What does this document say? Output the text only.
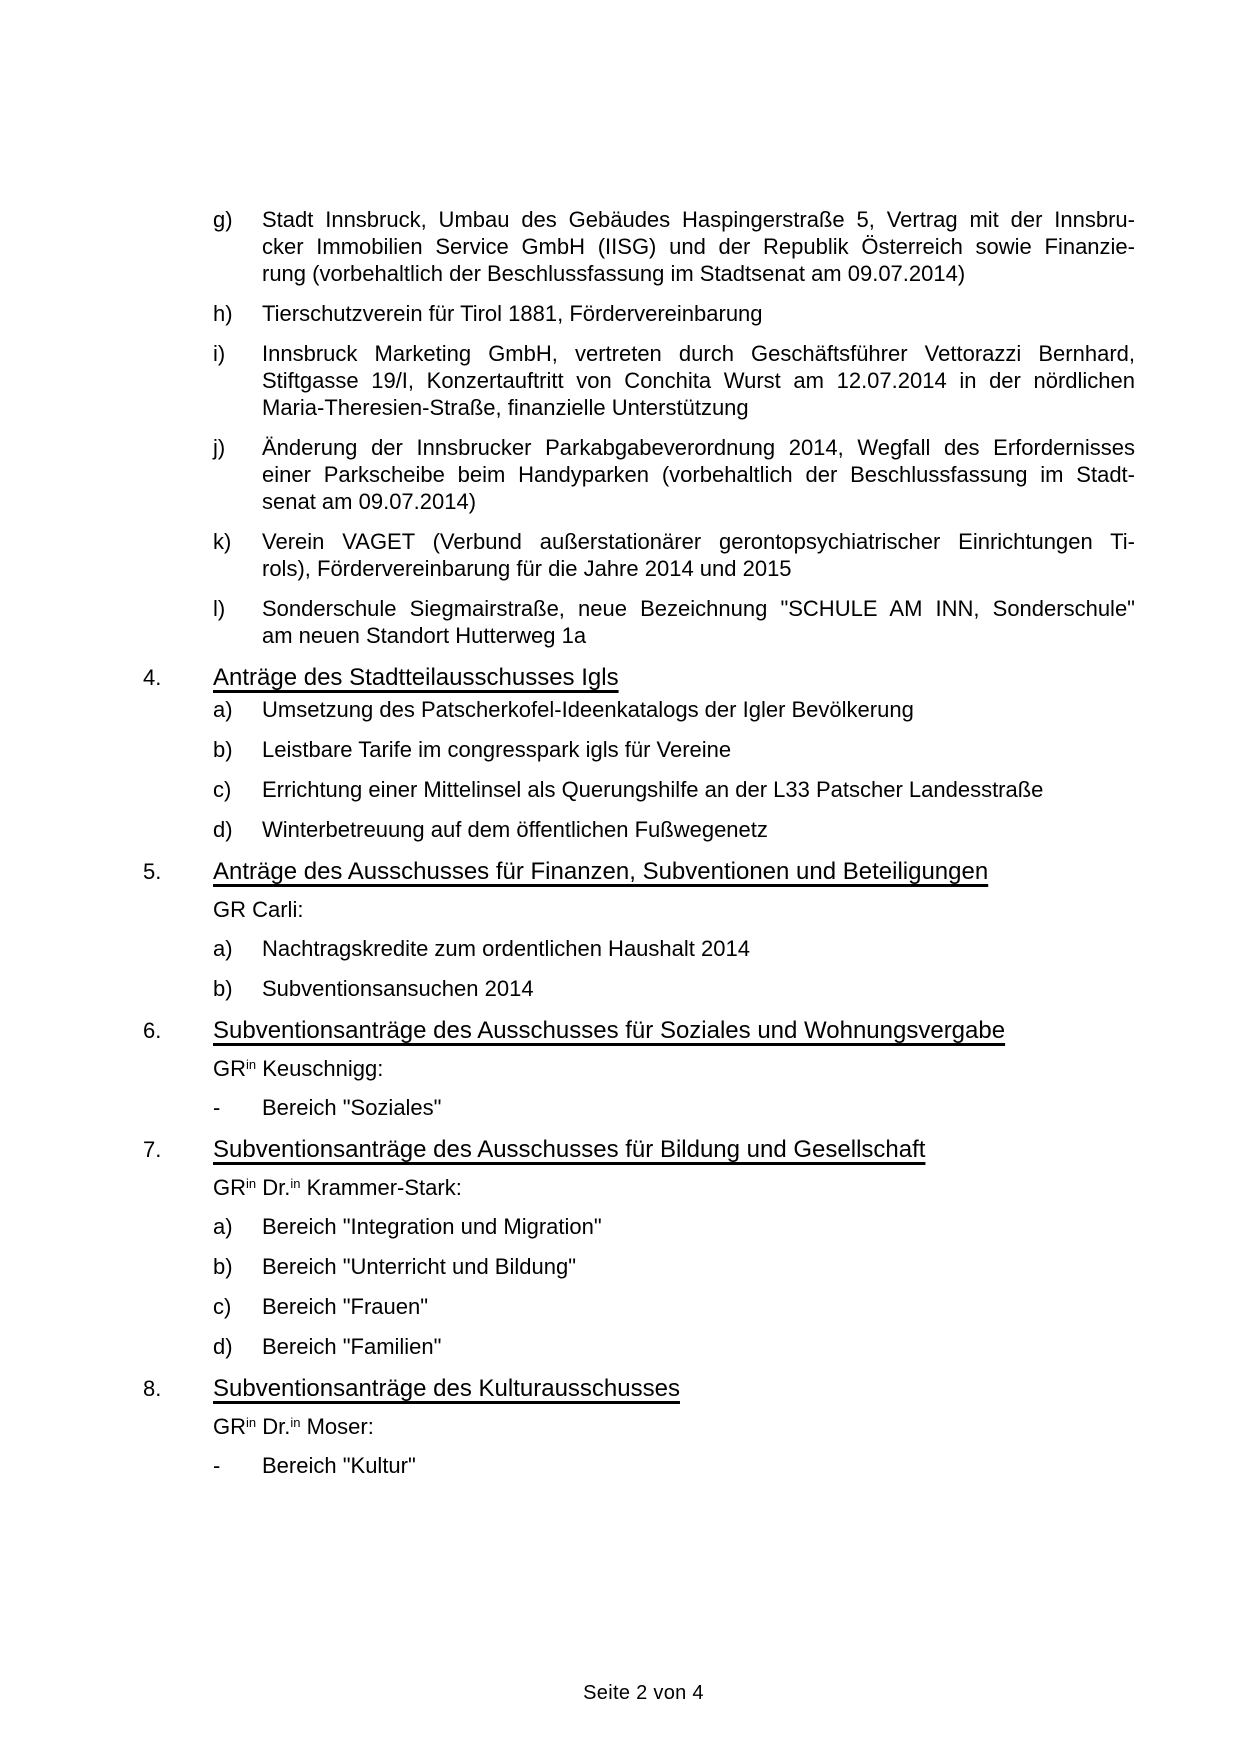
g)	Stadt Innsbruck, Umbau des Gebäudes Haspingerstraße 5, Vertrag mit der Innsbru-
cker Immobilien Service GmbH (IISG) und der Republik Österreich sowie Finanzie-
rung (vorbehaltlich der Beschlussfassung im Stadtsenat am 09.07.2014)
h)	Tierschutzverein für Tirol 1881, Fördervereinbarung
i)	Innsbruck Marketing GmbH, vertreten durch Geschäftsführer Vettorazzi Bernhard,
Stiftgasse 19/I, Konzertauftritt von Conchita Wurst am 12.07.2014 in der nördlichen
Maria-Theresien-Straße, finanzielle Unterstützung
j)	Änderung der Innsbrucker Parkabgabeverordnung 2014, Wegfall des Erfordernisses
einer Parkscheibe beim Handyparken (vorbehaltlich der Beschlussfassung im Stadt-
senat am 09.07.2014)
k)	Verein VAGET (Verbund außerstationärer gerontopsychiatrischer Einrichtungen Ti-
rols), Fördervereinbarung für die Jahre 2014 und 2015
l)	Sonderschule Siegmairstraße, neue Bezeichnung "SCHULE AM INN, Sonderschule"
am neuen Standort Hutterweg 1a
4.	Anträge des Stadtteilausschusses Igls
a)	Umsetzung des Patscherkofel-Ideenkatalogs der Igler Bevölkerung
b)	Leistbare Tarife im congresspark igls für Vereine
c)	Errichtung einer Mittelinsel als Querungshilfe an der L33 Patscher Landesstraße
d)	Winterbetreuung auf dem öffentlichen Fußwegenetz
5.	Anträge des Ausschusses für Finanzen, Subventionen und Beteiligungen
GR Carli:
a)	Nachtragskredite zum ordentlichen Haushalt 2014
b)	Subventionsansuchen 2014
6.	Subventionsanträge des Ausschusses für Soziales und Wohnungsvergabe
$GR^{in}$ Keuschnigg:
-	Bereich "Soziales"
7.	Subventionsanträge des Ausschusses für Bildung und Gesellschaft
$GR^{in}$ Dr.$^{in}$ Krammer-Stark:
a)	Bereich "Integration und Migration"
b)	Bereich "Unterricht und Bildung"
c)	Bereich "Frauen"
d)	Bereich "Familien"
8.	Subventionsanträge des Kulturausschusses
$GR^{in}$ Dr.$^{in}$ Moser:
-	Bereich "Kultur"
Seite 2 von 4
